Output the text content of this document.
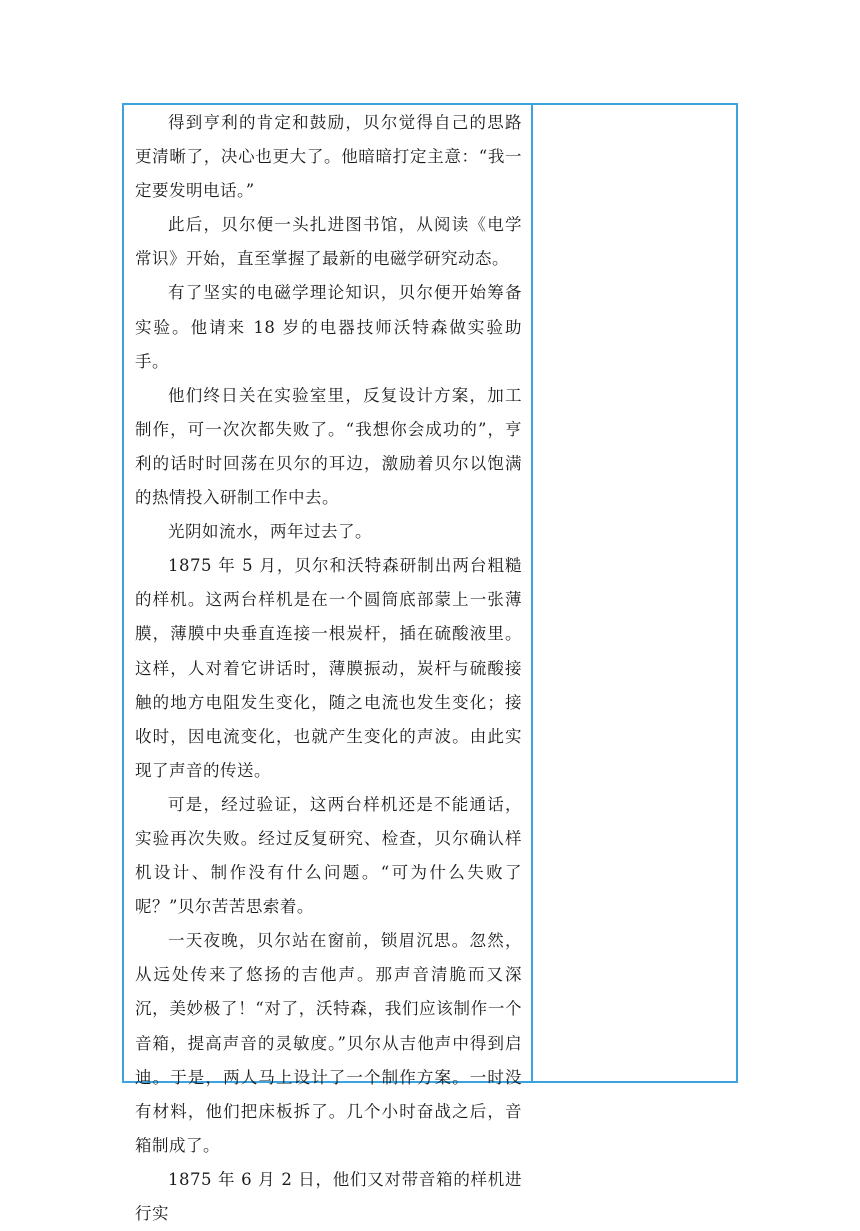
得到亨利的肯定和鼓励，贝尔觉得自己的思路更清晰了，决心也更大了。他暗暗打定主意：“我一定要发明电话。”

此后，贝尔便一头扎进图书馆，从阅读《电学常识》开始，直至掌握了最新的电磁学研究动态。

有了坚实的电磁学理论知识，贝尔便开始筹备实验。他请来 18 岁的电器技师沃特森做实验助手。

他们终日关在实验室里，反复设计方案，加工制作，可一次次都失败了。“我想你会成功的”，亨利的话时时回荡在贝尔的耳边，激励着贝尔以饱满的热情投入研制工作中去。

光阴如流水，两年过去了。

1875 年 5 月，贝尔和沃特森研制出两台粗糙的样机。这两台样机是在一个圆筒底部蒙上一张薄膜，薄膜中央垂直连接一根炭杆，插在硫酸液里。这样，人对着它讲话时，薄膜振动，炭杆与硫酸接触的地方电阻发生变化，随之电流也发生变化；接收时，因电流变化，也就产生变化的声波。由此实现了声音的传送。

可是，经过验证，这两台样机还是不能通话，实验再次失败。经过反复研究、检查，贝尔确认样机设计、制作没有什么问题。“可为什么失败了呢？”贝尔苦苦思索着。

一天夜晚，贝尔站在窗前，锁眉沉思。忽然，从远处传来了悠扬的吉他声。那声音清脆而又深沉，美妙极了！“对了，沃特森，我们应该制作一个音箱，提高声音的灵敏度。”贝尔从吉他声中得到启迪。于是，两人马上设计了一个制作方案。一时没有材料，他们把床板拆了。几个小时奋战之后，音箱制成了。

1875 年 6 月 2 日，他们又对带音箱的样机进行实
